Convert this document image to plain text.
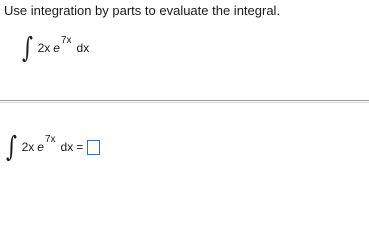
Use integration by parts to evaluate the integral.
∫ 2x e
7x
dx
∫ 2x e
7x
dx =
